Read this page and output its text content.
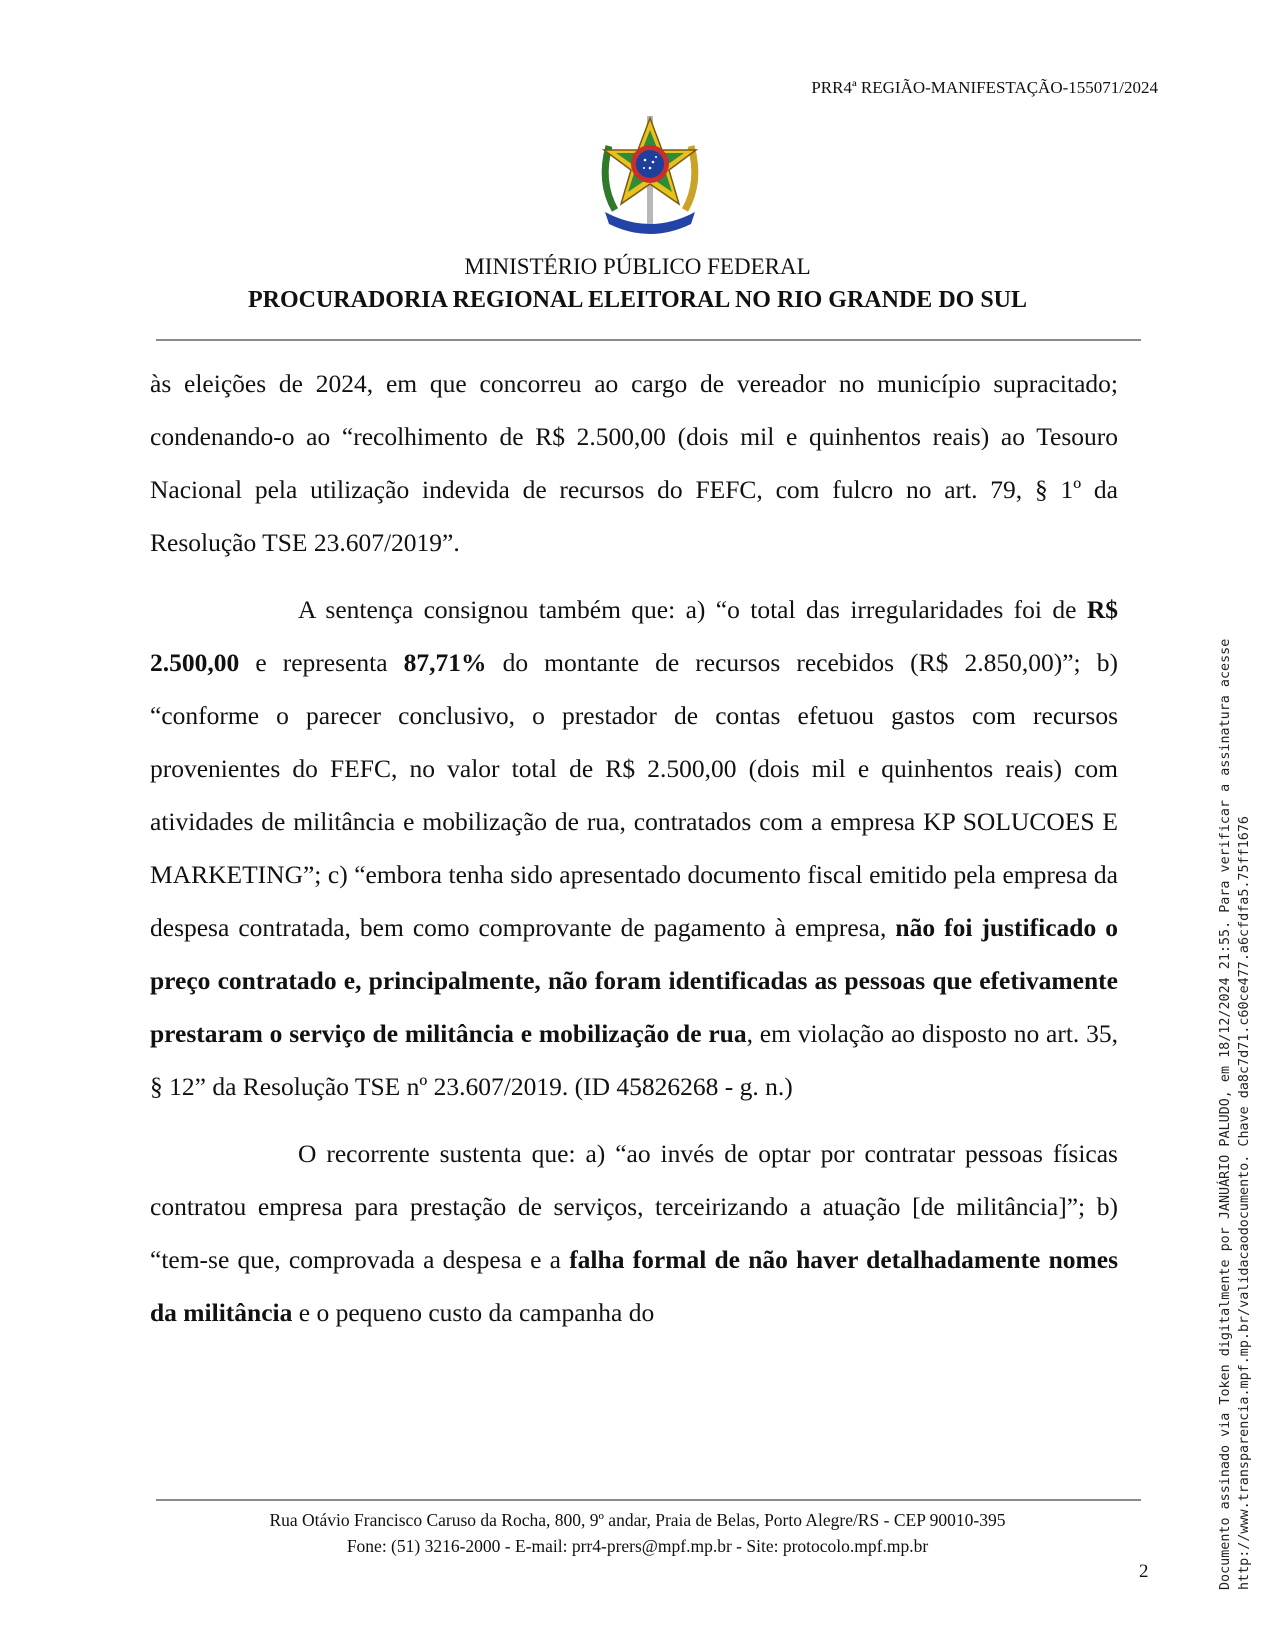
PRR4ª REGIÃO-MANIFESTAÇÃO-155071/2024
MINISTÉRIO PÚBLICO FEDERAL
PROCURADORIA REGIONAL ELEITORAL NO RIO GRANDE DO SUL

às eleições de 2024, em que concorreu ao cargo de vereador no município supracitado; condenando-o ao “recolhimento de R$ 2.500,00 (dois mil e quinhentos reais) ao Tesouro Nacional pela utilização indevida de recursos do FEFC, com fulcro no art. 79, § 1º da Resolução TSE 23.607/2019”.

A sentença consignou também que: a) “o total das irregularidades foi de R$ 2.500,00 e representa 87,71% do montante de recursos recebidos (R$ 2.850,00)”; b) “conforme o parecer conclusivo, o prestador de contas efetuou gastos com recursos provenientes do FEFC, no valor total de R$ 2.500,00 (dois mil e quinhentos reais) com atividades de militância e mobilização de rua, contratados com a empresa KP SOLUCOES E MARKETING”; c) “embora tenha sido apresentado documento fiscal emitido pela empresa da despesa contratada, bem como comprovante de pagamento à empresa, não foi justificado o preço contratado e, principalmente, não foram identificadas as pessoas que efetivamente prestaram o serviço de militância e mobilização de rua, em violação ao disposto no art. 35, § 12” da Resolução TSE nº 23.607/2019. (ID 45826268 - g. n.)

O recorrente sustenta que: a) “ao invés de optar por contratar pessoas físicas contratou empresa para prestação de serviços, terceirizando a atuação [de militância]”; b) “tem-se que, comprovada a despesa e a falha formal de não haver detalhadamente nomes da militância e o pequeno custo da campanha do

Rua Otávio Francisco Caruso da Rocha, 800, 9º andar, Praia de Belas, Porto Alegre/RS - CEP 90010-395
Fone: (51) 3216-2000 - E-mail: prr4-prers@mpf.mp.br - Site: protocolo.mpf.mp.br
2	Documento assinado via Token digitalmente por JANUÁRIO PALUDO, em 18/12/2024 21:55. Para verificar a assinatura acesse http://www.transparencia.mpf.mp.br/validacaodocumento. Chave da8c7d71.c60ce477.a6cfdfa5.75ff1676
